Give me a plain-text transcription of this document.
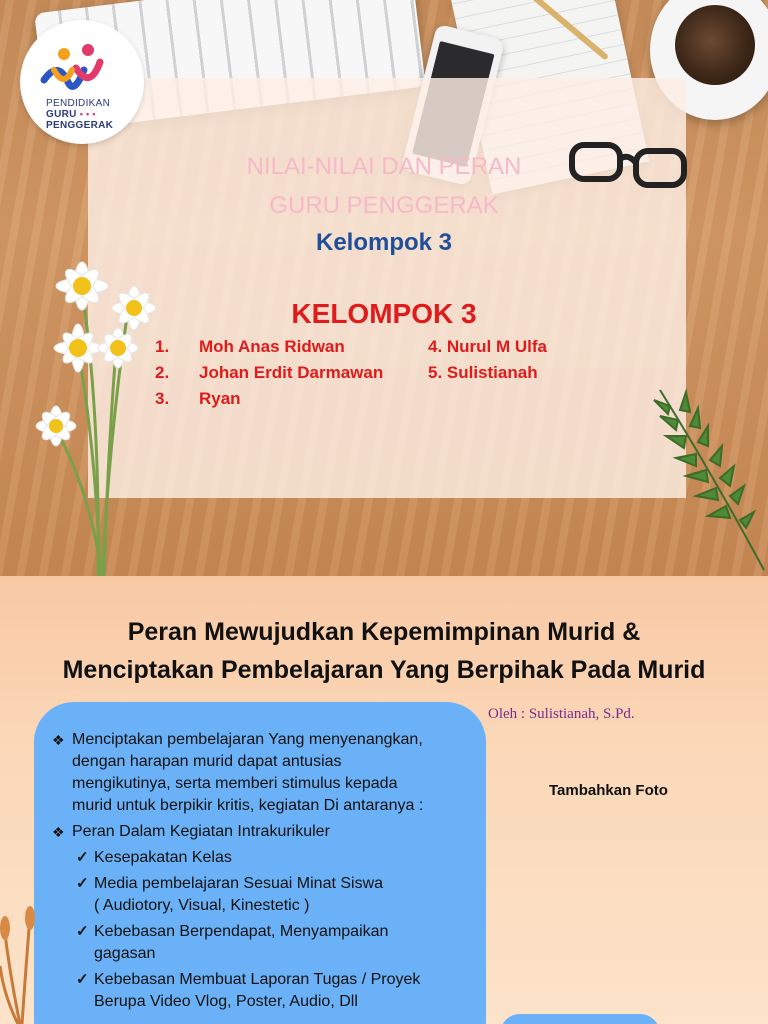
PENDIDIKAN
GURU • • •
PENGGERAK
NILAI-NILAI DAN PERAN
GURU PENGGERAK
Kelompok 3
KELOMPOK 3
1. Moh Anas Ridwan
2. Johan Erdit Darmawan
3. Ryan
4. Nurul M Ulfa
5. Sulistianah
Peran Mewujudkan Kepemimpinan Murid &
Menciptakan Pembelajaran Yang Berpihak Pada Murid
Oleh : Sulistianah, S.Pd.
Tambahkan Foto
❖ Menciptakan pembelajaran Yang menyenangkan,
dengan harapan murid dapat antusias
mengikutinya, serta memberi stimulus kepada
murid untuk berpikir kritis, kegiatan Di antaranya :
❖ Peran Dalam Kegiatan Intrakurikuler
✓ Kesepakatan Kelas
✓ Media pembelajaran Sesuai Minat Siswa
( Audiotory, Visual, Kinestetic )
✓ Kebebasan Berpendapat, Menyampaikan
gagasan
✓ Kebebasan Membuat Laporan Tugas / Proyek
Berupa Video Vlog, Poster, Audio, Dll
